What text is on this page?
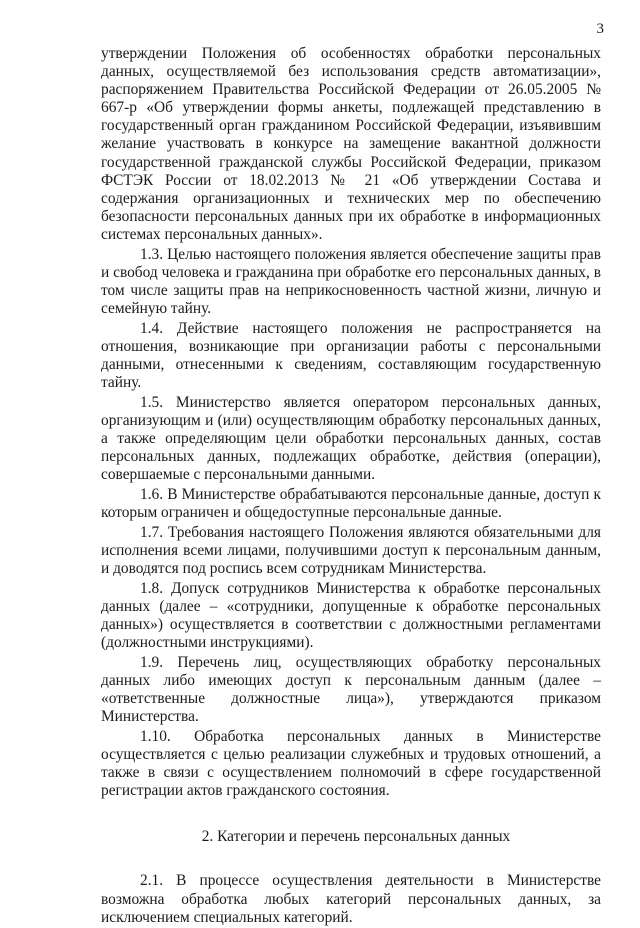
3

утверждении Положения об особенностях обработки персональных данных, осуществляемой без использования средств автоматизации», распоряжением Правительства Российской Федерации от 26.05.2005 № 667-р «Об утверждении формы анкеты, подлежащей представлению в государственный орган гражданином Российской Федерации, изъявившим желание участвовать в конкурсе на замещение вакантной должности государственной гражданской службы Российской Федерации, приказом ФСТЭК России от 18.02.2013 № 21 «Об утверждении Состава и содержания организационных и технических мер по обеспечению безопасности персональных данных при их обработке в информационных системах персональных данных».

1.3. Целью настоящего положения является обеспечение защиты прав и свобод человека и гражданина при обработке его персональных данных, в том числе защиты прав на неприкосновенность частной жизни, личную и семейную тайну.

1.4. Действие настоящего положения не распространяется на отношения, возникающие при организации работы с персональными данными, отнесенными к сведениям, составляющим государственную тайну.

1.5. Министерство является оператором персональных данных, организующим и (или) осуществляющим обработку персональных данных, а также определяющим цели обработки персональных данных, состав персональных данных, подлежащих обработке, действия (операции), совершаемые с персональными данными.

1.6. В Министерстве обрабатываются персональные данные, доступ к которым ограничен и общедоступные персональные данные.

1.7. Требования настоящего Положения являются обязательными для исполнения всеми лицами, получившими доступ к персональным данным, и доводятся под роспись всем сотрудникам Министерства.

1.8. Допуск сотрудников Министерства к обработке персональных данных (далее – «сотрудники, допущенные к обработке персональных данных») осуществляется в соответствии с должностными регламентами (должностными инструкциями).

1.9. Перечень лиц, осуществляющих обработку персональных данных либо имеющих доступ к персональным данным (далее – «ответственные должностные лица»), утверждаются приказом Министерства.

1.10. Обработка персональных данных в Министерстве осуществляется с целью реализации служебных и трудовых отношений, а также в связи с осуществлением полномочий в сфере государственной регистрации актов гражданского состояния.

2. Категории и перечень персональных данных

2.1. В процессе осуществления деятельности в Министерстве возможна обработка любых категорий персональных данных, за исключением специальных категорий.
